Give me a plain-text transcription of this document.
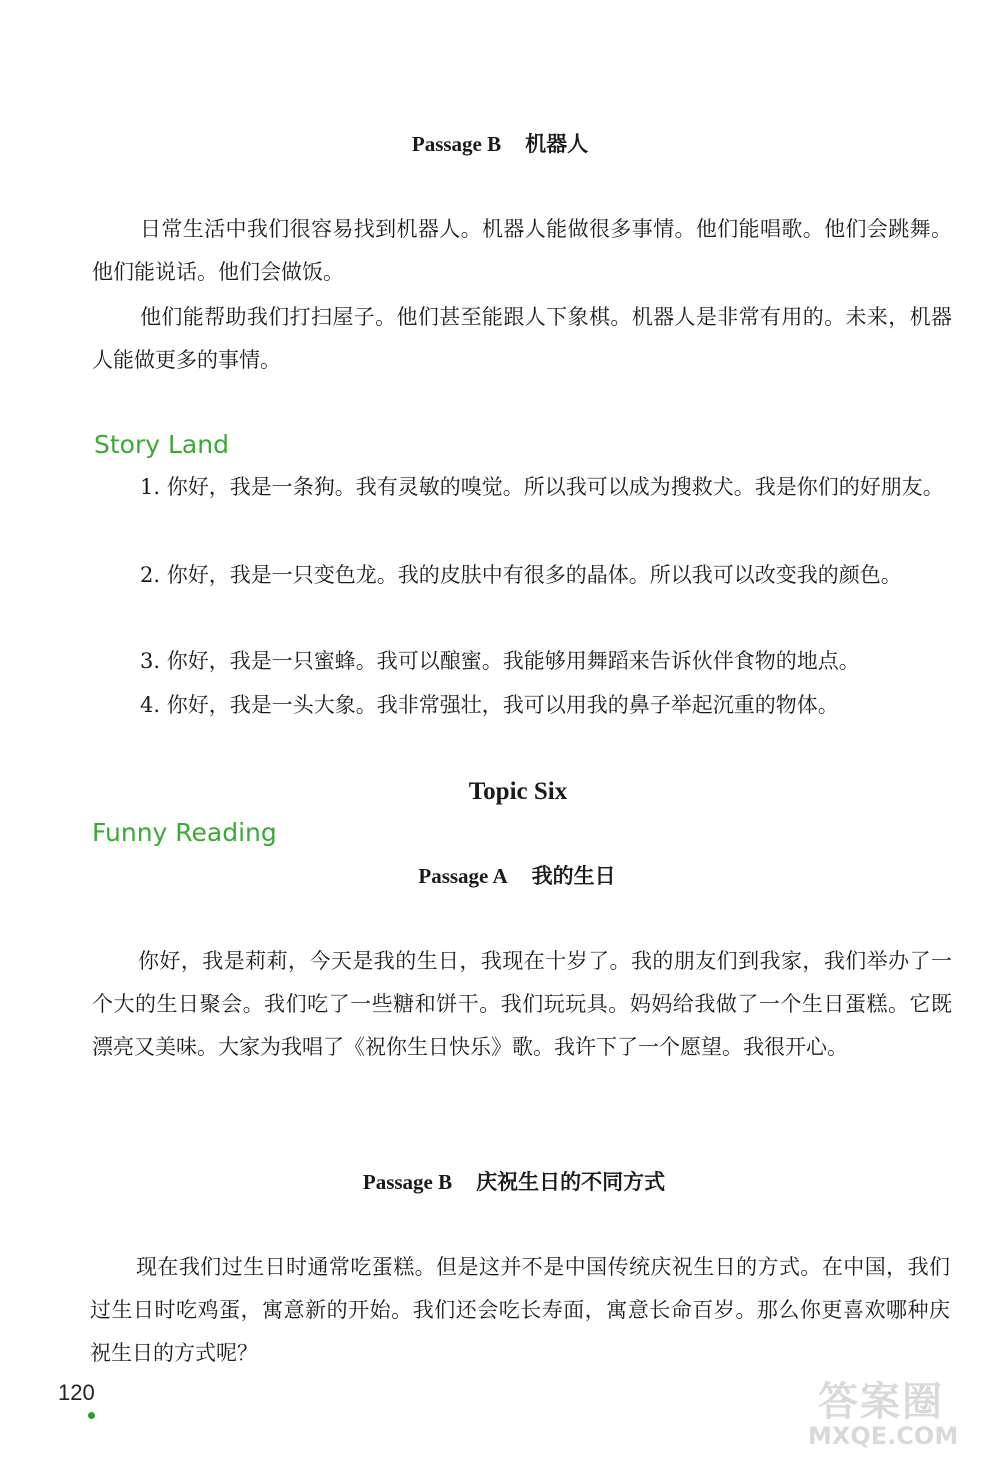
Passage B 机器人

日常生活中我们很容易找到机器人。机器人能做很多事情。他们能唱歌。他们会跳舞。他们能说话。他们会做饭。

他们能帮助我们打扫屋子。他们甚至能跟人下象棋。机器人是非常有用的。未来，机器人能做更多的事情。

Story Land

1. 你好，我是一条狗。我有灵敏的嗅觉。所以我可以成为搜救犬。我是你们的好朋友。

2. 你好，我是一只变色龙。我的皮肤中有很多的晶体。所以我可以改变我的颜色。

3. 你好，我是一只蜜蜂。我可以酿蜜。我能够用舞蹈来告诉伙伴食物的地点。

4. 你好，我是一头大象。我非常强壮，我可以用我的鼻子举起沉重的物体。

Topic Six
Funny Reading
Passage A 我的生日

你好，我是莉莉，今天是我的生日，我现在十岁了。我的朋友们到我家，我们举办了一个大的生日聚会。我们吃了一些糖和饼干。我们玩玩具。妈妈给我做了一个生日蛋糕。它既漂亮又美味。大家为我唱了《祝你生日快乐》歌。我许下了一个愿望。我很开心。

Passage B 庆祝生日的不同方式

现在我们过生日时通常吃蛋糕。但是这并不是中国传统庆祝生日的方式。在中国，我们过生日时吃鸡蛋，寓意新的开始。我们还会吃长寿面，寓意长命百岁。那么你更喜欢哪种庆祝生日的方式呢？

120	答案圈
MXQE.COM
